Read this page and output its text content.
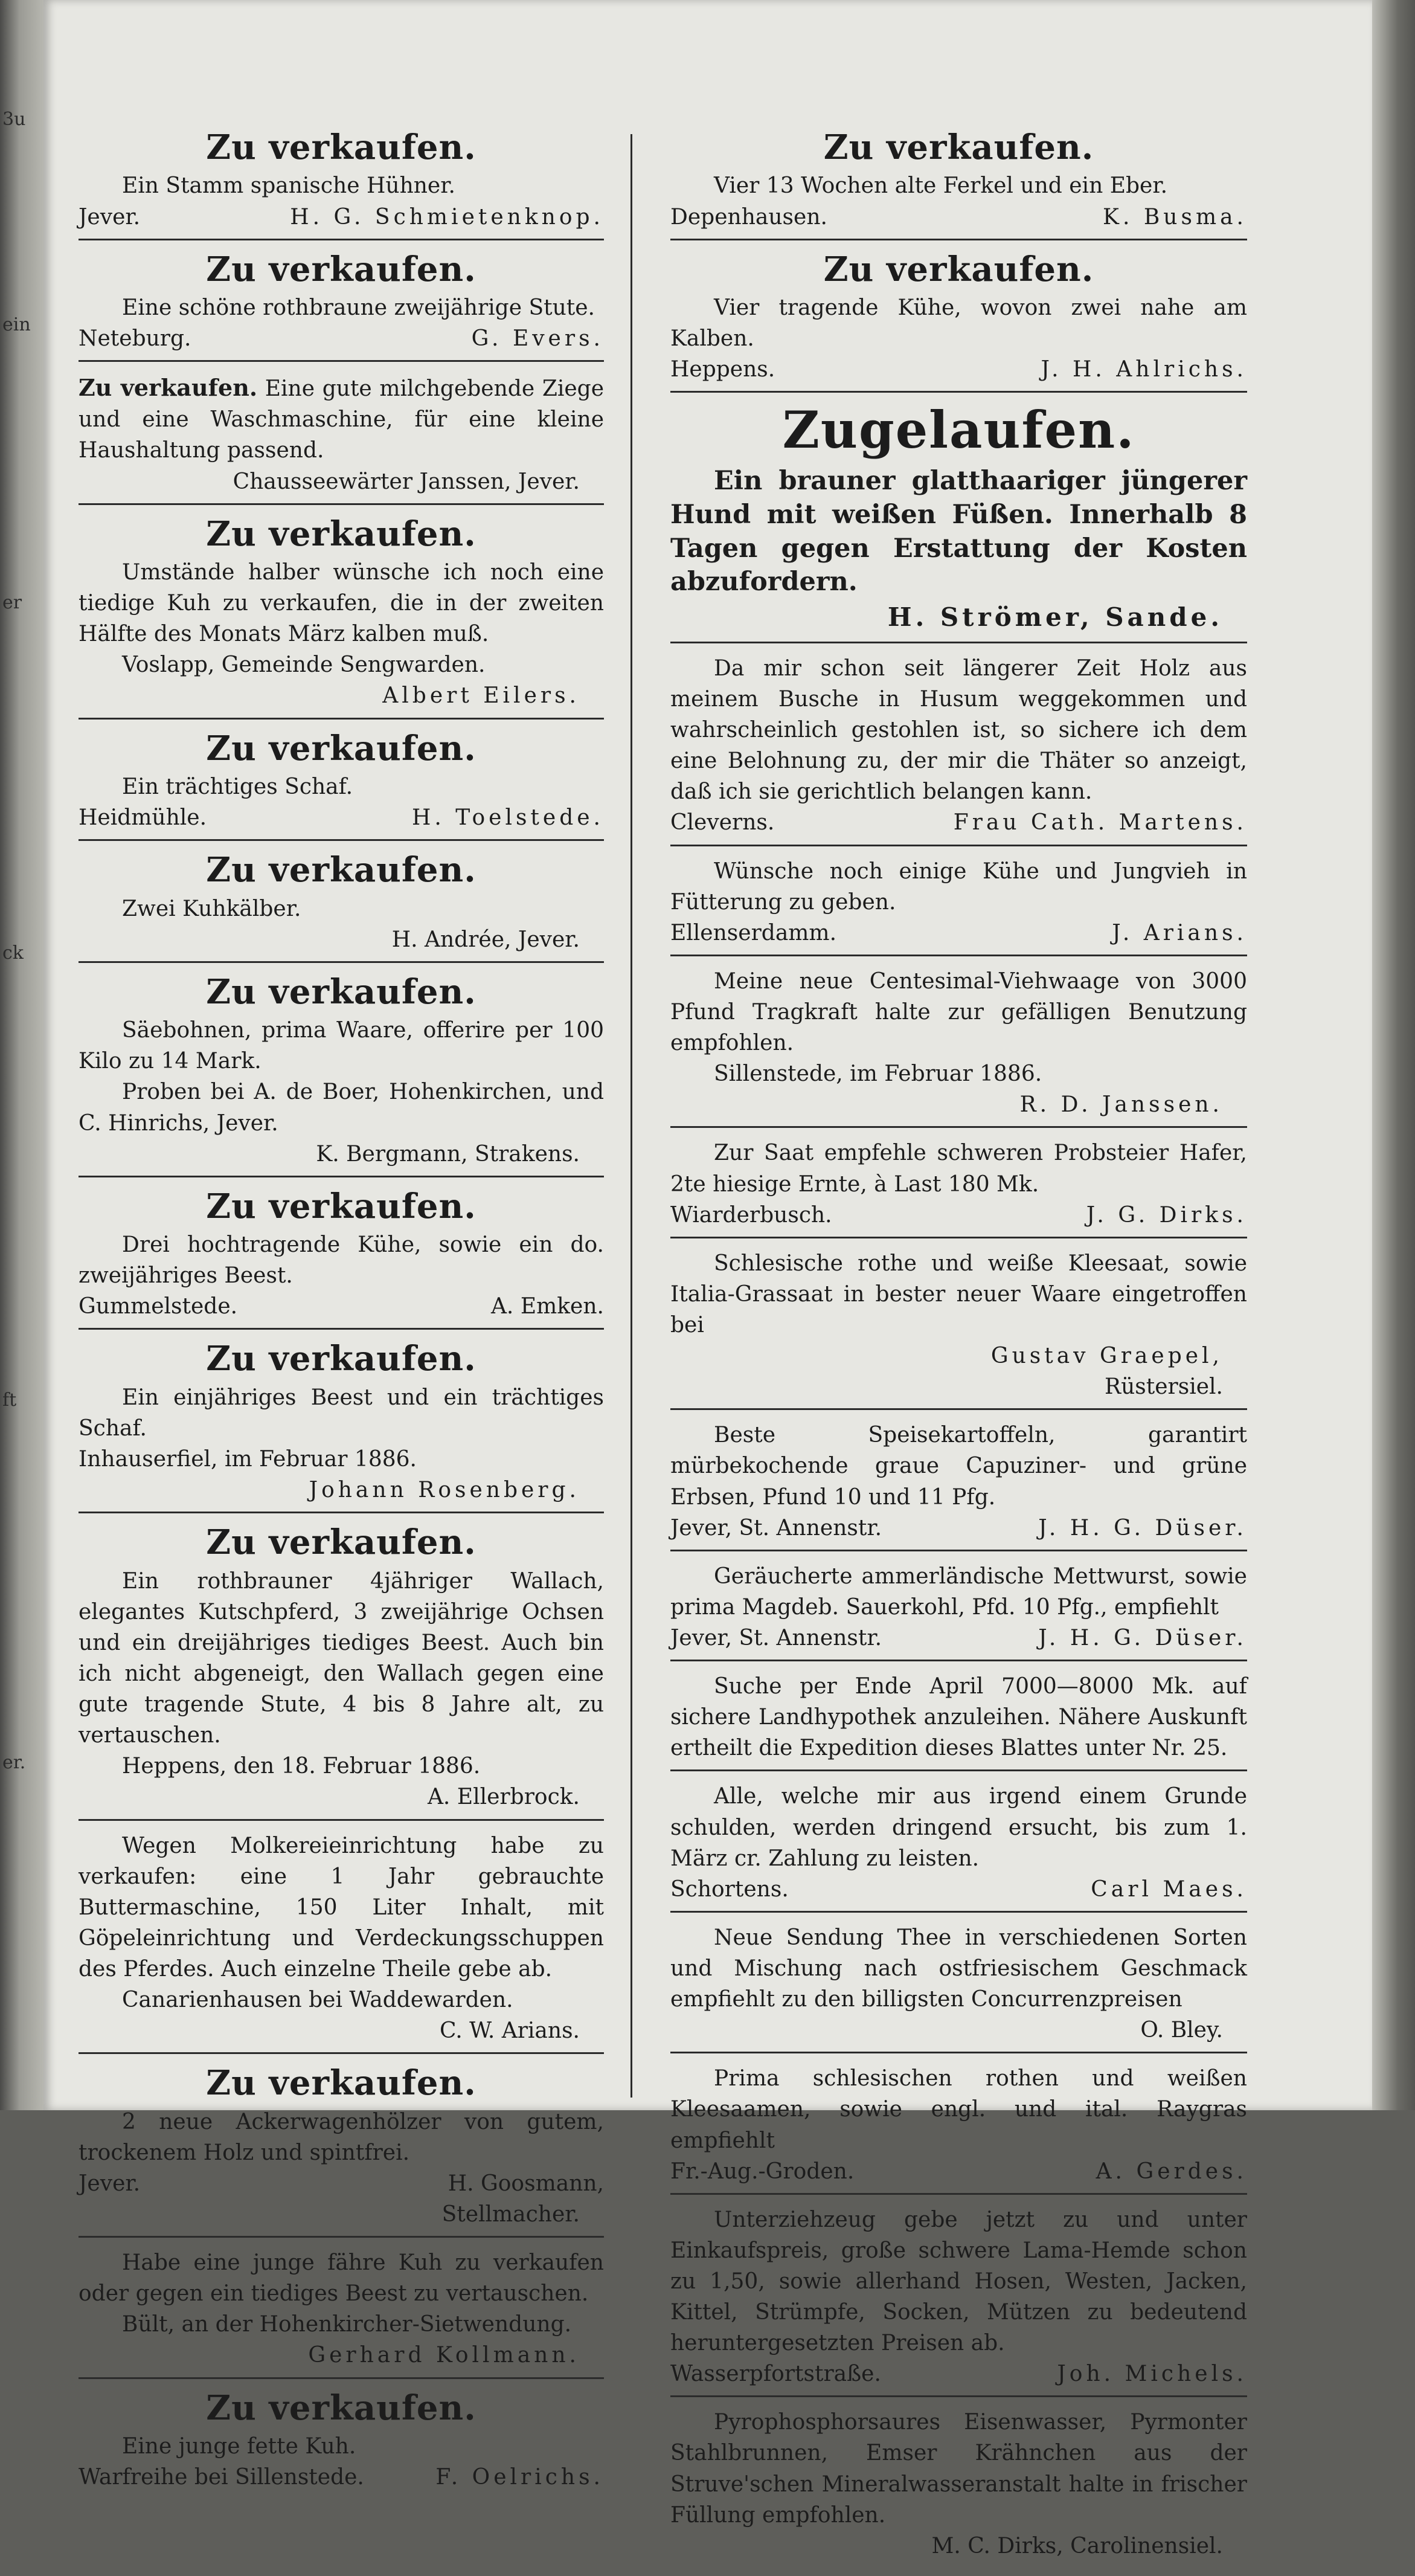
3u
ein
er
ck
ft
er.
Zu verkaufen.

Ein Stamm spanische Hühner.

Jever.	H. G. Schmietenknop.
Zu verkaufen.

Eine schöne rothbraune zweijährige Stute.

Neteburg.	G. Evers.

Zu verkaufen. Eine gute milchgebende Ziege und eine Waschmaschine, für eine kleine Haushaltung passend.

Chausseewärter Janssen, Jever.
Zu verkaufen.

Umstände halber wünsche ich noch eine tiedige Kuh zu verkaufen, die in der zweiten Hälfte des Monats März kalben muß.

Voslapp, Gemeinde Sengwarden.

Albert Eilers.
Zu verkaufen.

Ein trächtiges Schaf.

Heidmühle.	H. Toelstede.
Zu verkaufen.

Zwei Kuhkälber.

H. Andrée, Jever.
Zu verkaufen.

Säebohnen, prima Waare, offerire per 100 Kilo zu 14 Mark.

Proben bei A. de Boer, Hohenkirchen, und C. Hinrichs, Jever.

K. Bergmann, Strakens.
Zu verkaufen.

Drei hochtragende Kühe, sowie ein do. zweijähriges Beest.

Gummelstede.	A. Emken.
Zu verkaufen.

Ein einjähriges Beest und ein trächtiges Schaf.

Inhauserfiel, im Februar 1886.

Johann Rosenberg.
Zu verkaufen.

Ein rothbrauner 4jähriger Wallach, elegantes Kutschpferd, 3 zweijährige Ochsen und ein dreijähriges tiediges Beest. Auch bin ich nicht abgeneigt, den Wallach gegen eine gute tragende Stute, 4 bis 8 Jahre alt, zu vertauschen.

Heppens, den 18. Februar 1886.

A. Ellerbrock.

Wegen Molkereieinrichtung habe zu verkaufen: eine 1 Jahr gebrauchte Buttermaschine, 150 Liter Inhalt, mit Göpeleinrichtung und Verdeckungsschuppen des Pferdes. Auch einzelne Theile gebe ab.

Canarienhausen bei Waddewarden.

C. W. Arians.
Zu verkaufen.

2 neue Ackerwagenhölzer von gutem, trockenem Holz und spintfrei.

Jever.	H. Goosmann,
Stellmacher.

Habe eine junge fähre Kuh zu verkaufen oder gegen ein tiediges Beest zu vertauschen.

Bült, an der Hohenkircher-Sietwendung.

Gerhard Kollmann.
Zu verkaufen.

Eine junge fette Kuh.

Warfreihe bei Sillenstede.	F. Oelrichs.
Zu verkaufen.

Vier 13 Wochen alte Ferkel und ein Eber.

Depenhausen.	K. Busma.
Zu verkaufen.

Vier tragende Kühe, wovon zwei nahe am Kalben.

Heppens.	J. H. Ahlrichs.
Zugelaufen.

Ein brauner glatthaariger jüngerer Hund mit weißen Füßen. Innerhalb 8 Tagen gegen Erstattung der Kosten abzufordern.

H. Strömer, Sande.

Da mir schon seit längerer Zeit Holz aus meinem Busche in Husum weggekommen und wahrscheinlich gestohlen ist, so sichere ich dem eine Belohnung zu, der mir die Thäter so anzeigt, daß ich sie gerichtlich belangen kann.

Cleverns.	Frau Cath. Martens.

Wünsche noch einige Kühe und Jungvieh in Fütterung zu geben.

Ellenserdamm.	J. Arians.

Meine neue Centesimal-Viehwaage von 3000 Pfund Tragkraft halte zur gefälligen Benutzung empfohlen.

Sillenstede, im Februar 1886.

R. D. Janssen.

Zur Saat empfehle schweren Probsteier Hafer, 2te hiesige Ernte, à Last 180 Mk.

Wiarderbusch.	J. G. Dirks.

Schlesische rothe und weiße Kleesaat, sowie Italia-Grassaat in bester neuer Waare eingetroffen bei

Gustav Graepel,
Rüstersiel.

Beste Speisekartoffeln, garantirt mürbekochende graue Capuziner- und grüne Erbsen, Pfund 10 und 11 Pfg.

Jever, St. Annenstr.	J. H. G. Düser.

Geräucherte ammerländische Mettwurst, sowie prima Magdeb. Sauerkohl, Pfd. 10 Pfg., empfiehlt

Jever, St. Annenstr.	J. H. G. Düser.

Suche per Ende April 7000—8000 Mk. auf sichere Landhypothek anzuleihen. Nähere Auskunft ertheilt die Expedition dieses Blattes unter Nr. 25.

Alle, welche mir aus irgend einem Grunde schulden, werden dringend ersucht, bis zum 1. März cr. Zahlung zu leisten.

Schortens.	Carl Maes.

Neue Sendung Thee in verschiedenen Sorten und Mischung nach ostfriesischem Geschmack empfiehlt zu den billigsten Concurrenzpreisen

O. Bley.

Prima schlesischen rothen und weißen Kleesaamen, sowie engl. und ital. Raygras empfiehlt

Fr.-Aug.-Groden.	A. Gerdes.

Unterziehzeug gebe jetzt zu und unter Einkaufspreis, große schwere Lama-Hemde schon zu 1,50, sowie allerhand Hosen, Westen, Jacken, Kittel, Strümpfe, Socken, Mützen zu bedeutend heruntergesetzten Preisen ab.

Wasserpfortstraße.	Joh. Michels.

Pyrophosphorsaures Eisenwasser, Pyrmonter Stahlbrunnen, Emser Krähnchen aus der Struve'schen Mineralwasseranstalt halte in frischer Füllung empfohlen.

M. C. Dirks, Carolinensiel.
